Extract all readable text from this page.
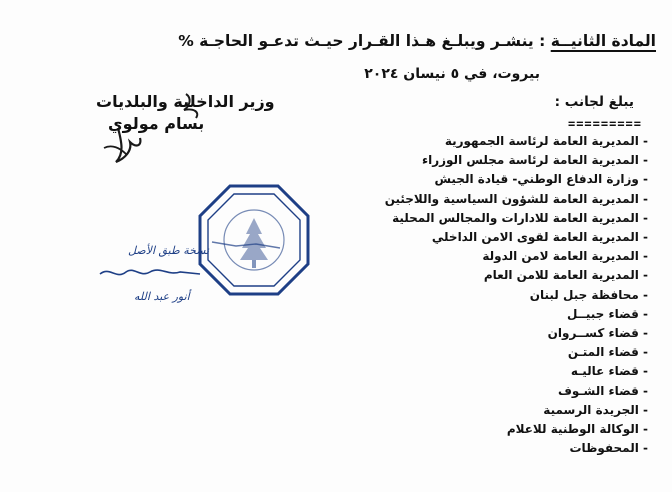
المادة الثانيــة : ينشـر ويبلـغ هـذا القـرار حيـث تدعـو الحاجـة %
بيروت، في ٥ نيسان ٢٠٢٤
وزير الداخلية والبلديات
بسام مولوي
نسخة طبق الأصل
أنور عبد الله
يبلغ لجانب :
=========
- المديرية العامة لرئاسة الجمهورية
- المديرية العامة لرئاسة مجلس الوزراء
- وزارة الدفاع الوطني- قيادة الجيش
- المديرية العامة للشؤون السياسية واللاجئين
- المديرية العامة للادارات والمجالس المحلية
- المديرية العامة لقوى الامن الداخلي
- المديرية العامة لامن الدولة
- المديرية العامة للامن العام
- محافظة جبل لبنان
- قضاء جبيــل
- قضاء كســروان
- قضاء المتـن
- قضاء عاليـه
- قضاء الشـوف
- الجريدة الرسمية
- الوكالة الوطنية للاعلام
- المحفوظات
